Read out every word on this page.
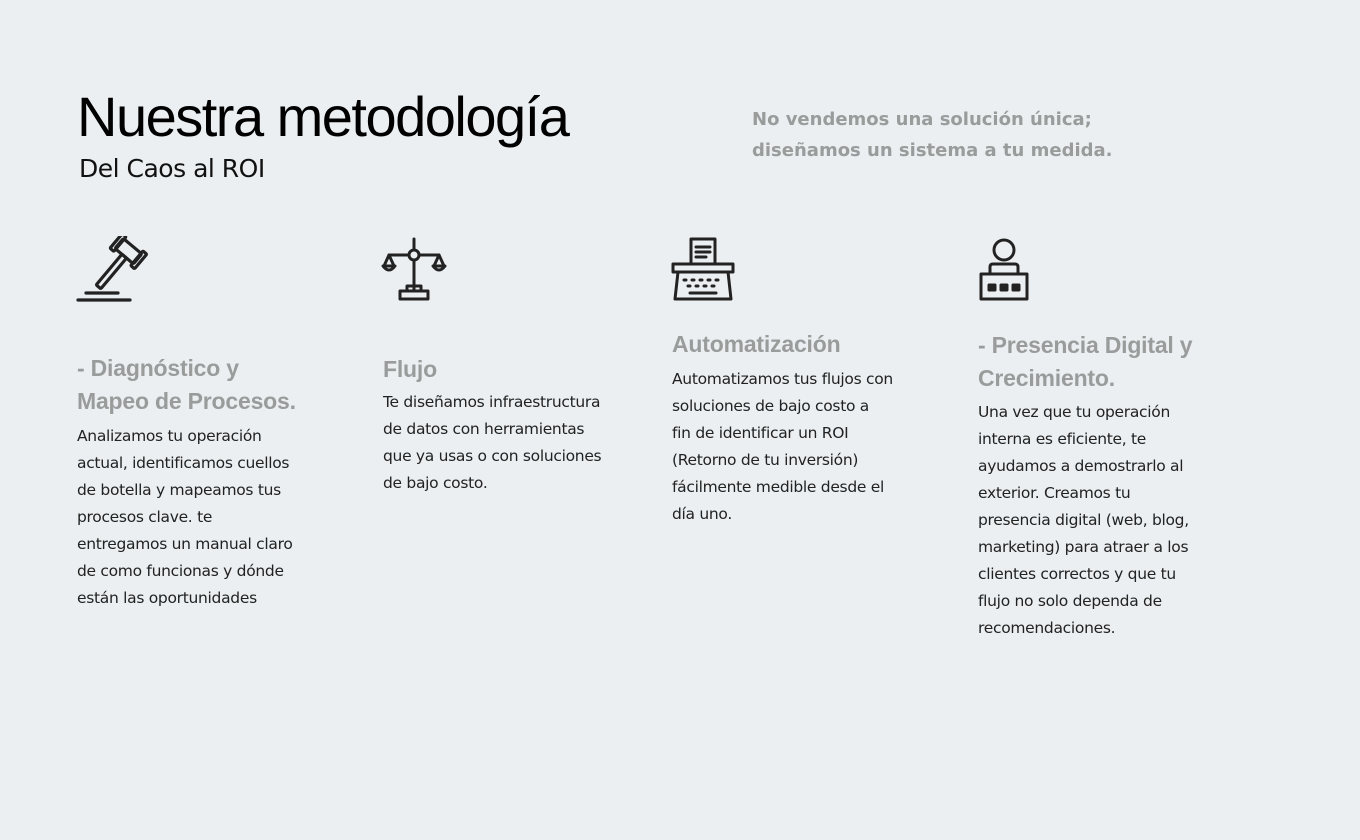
Nuestra metodología

Del Caos al ROI

No vendemos una solución única;
diseñamos un sistema a tu medida.

- Diagnóstico y
Mapeo de Procesos.

Analizamos tu operación
actual, identificamos cuellos
de botella y mapeamos tus
procesos clave. te
entregamos un manual claro
de como funcionas y dónde
están las oportunidades

Flujo

Te diseñamos infraestructura
de datos con herramientas
que ya usas o con soluciones
de bajo costo.

Automatización

Automatizamos tus flujos con
soluciones de bajo costo a
fin de identificar un ROI
(Retorno de tu inversión)
fácilmente medible desde el
día uno.

- Presencia Digital y
Crecimiento.

Una vez que tu operación
interna es eficiente, te
ayudamos a demostrarlo al
exterior. Creamos tu
presencia digital (web, blog,
marketing) para atraer a los
clientes correctos y que tu
flujo no solo dependa de
recomendaciones.
